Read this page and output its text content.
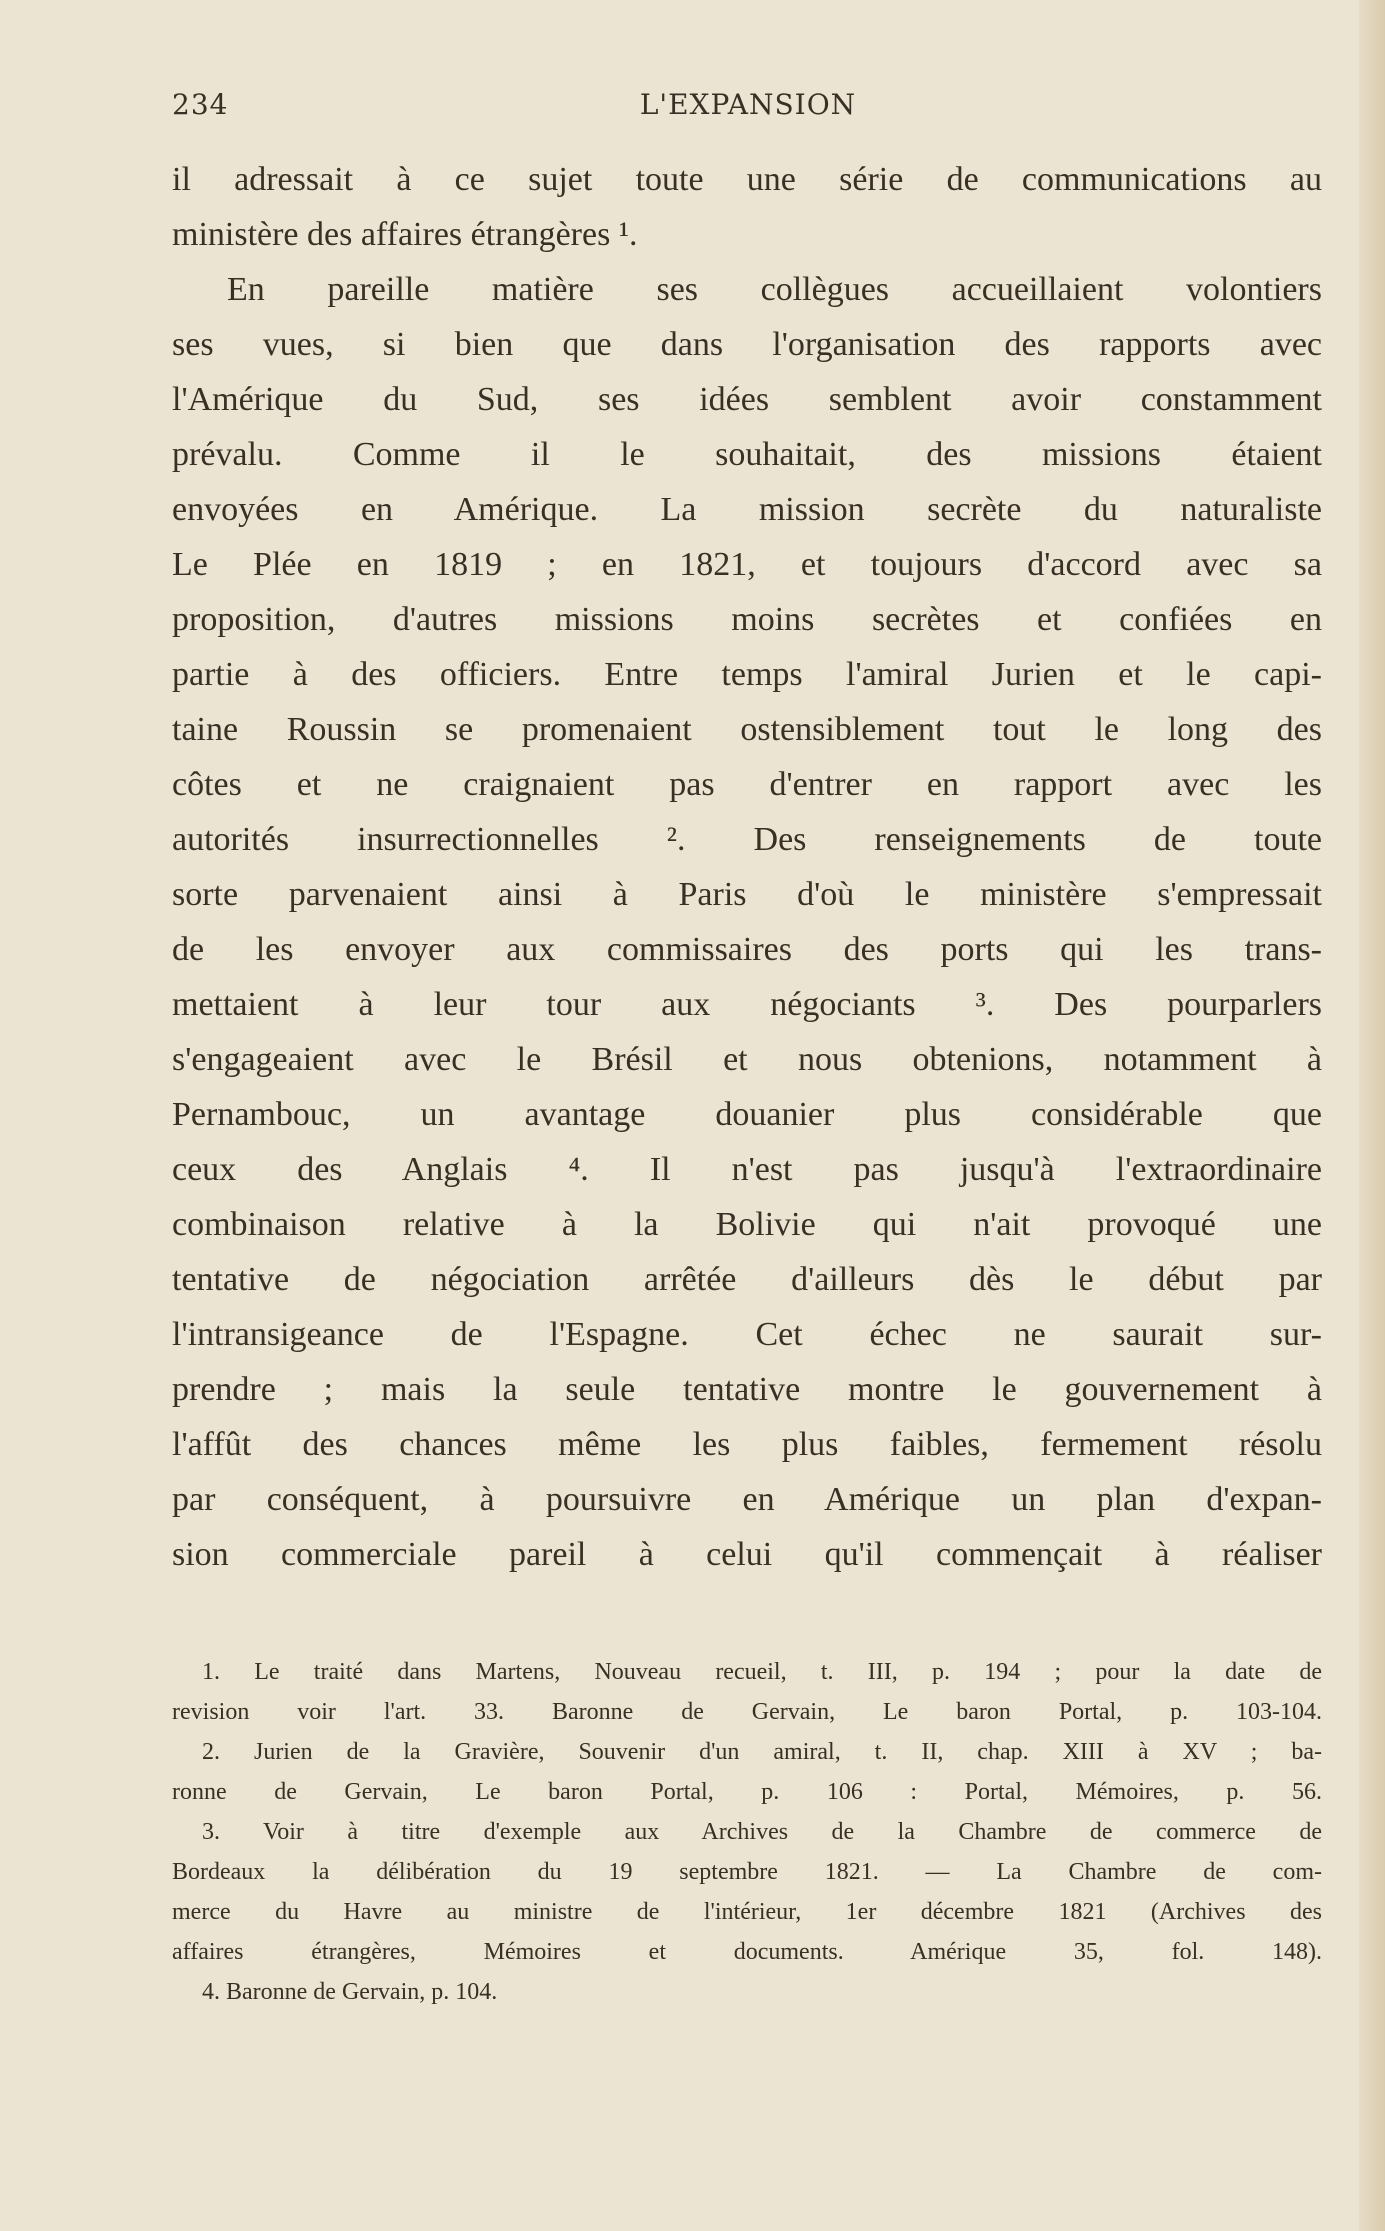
234	L'EXPANSION
il adressait à ce sujet toute une série de communications au
ministère des affaires étrangères ¹.
En pareille matière ses collègues accueillaient volontiers
ses vues, si bien que dans l'organisation des rapports avec
l'Amérique du Sud, ses idées semblent avoir constamment
prévalu. Comme il le souhaitait, des missions étaient
envoyées en Amérique. La mission secrète du naturaliste
Le Plée en 1819 ; en 1821, et toujours d'accord avec sa
proposition, d'autres missions moins secrètes et confiées en
partie à des officiers. Entre temps l'amiral Jurien et le capi-
taine Roussin se promenaient ostensiblement tout le long des
côtes et ne craignaient pas d'entrer en rapport avec les
autorités insurrectionnelles ². Des renseignements de toute
sorte parvenaient ainsi à Paris d'où le ministère s'empressait
de les envoyer aux commissaires des ports qui les trans-
mettaient à leur tour aux négociants ³. Des pourparlers
s'engageaient avec le Brésil et nous obtenions, notamment à
Pernambouc, un avantage douanier plus considérable que
ceux des Anglais ⁴. Il n'est pas jusqu'à l'extraordinaire
combinaison relative à la Bolivie qui n'ait provoqué une
tentative de négociation arrêtée d'ailleurs dès le début par
l'intransigeance de l'Espagne. Cet échec ne saurait sur-
prendre ; mais la seule tentative montre le gouvernement à
l'affût des chances même les plus faibles, fermement résolu
par conséquent, à poursuivre en Amérique un plan d'expan-
sion commerciale pareil à celui qu'il commençait à réaliser
1. Le traité dans Martens, Nouveau recueil, t. III, p. 194 ; pour la date de
revision voir l'art. 33. Baronne de Gervain, Le baron Portal, p. 103-104.
2. Jurien de la Gravière, Souvenir d'un amiral, t. II, chap. XIII à XV ; ba-
ronne de Gervain, Le baron Portal, p. 106 : Portal, Mémoires, p. 56.
3. Voir à titre d'exemple aux Archives de la Chambre de commerce de
Bordeaux la délibération du 19 septembre 1821. — La Chambre de com-
merce du Havre au ministre de l'intérieur, 1er décembre 1821 (Archives des
affaires étrangères, Mémoires et documents. Amérique 35, fol. 148).
4. Baronne de Gervain, p. 104.
